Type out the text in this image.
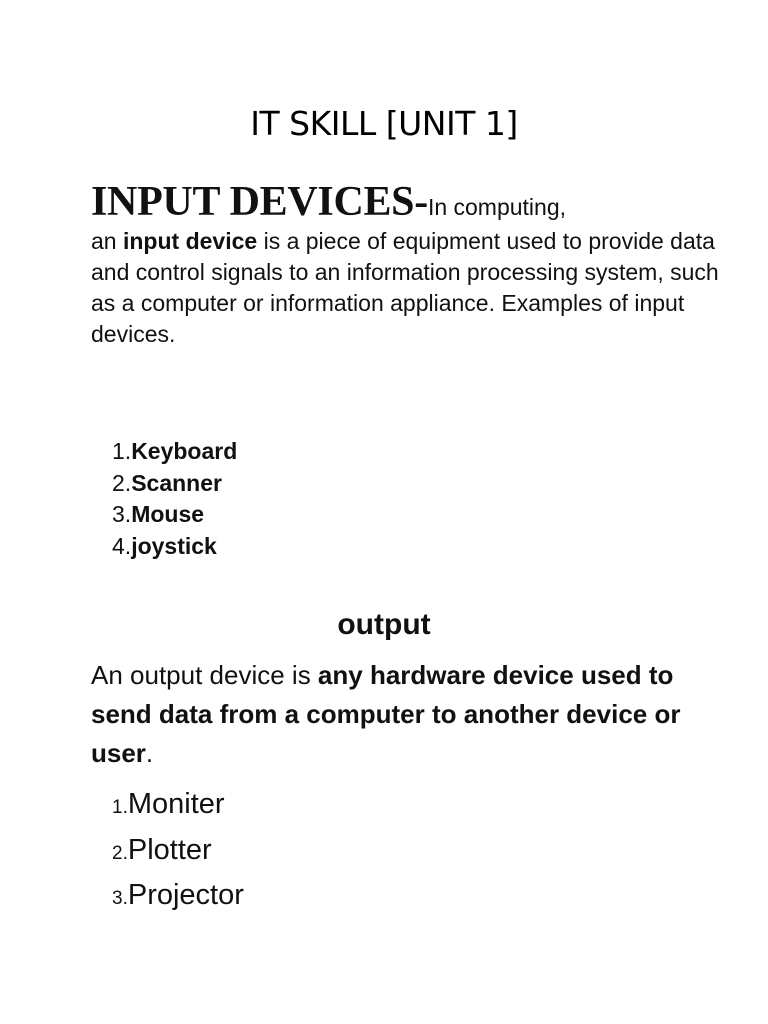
IT SKILL [UNIT 1]
INPUT DEVICES-In computing,
an input device is a piece of equipment used to provide data and control signals to an information processing system, such as a computer or information appliance. Examples of input devices.
1.Keyboard
2.Scanner
3.Mouse
4.joystick
output
An output device is any hardware device used to send data from a computer to another device or user.
1.Moniter
2.Plotter
3.Projector
